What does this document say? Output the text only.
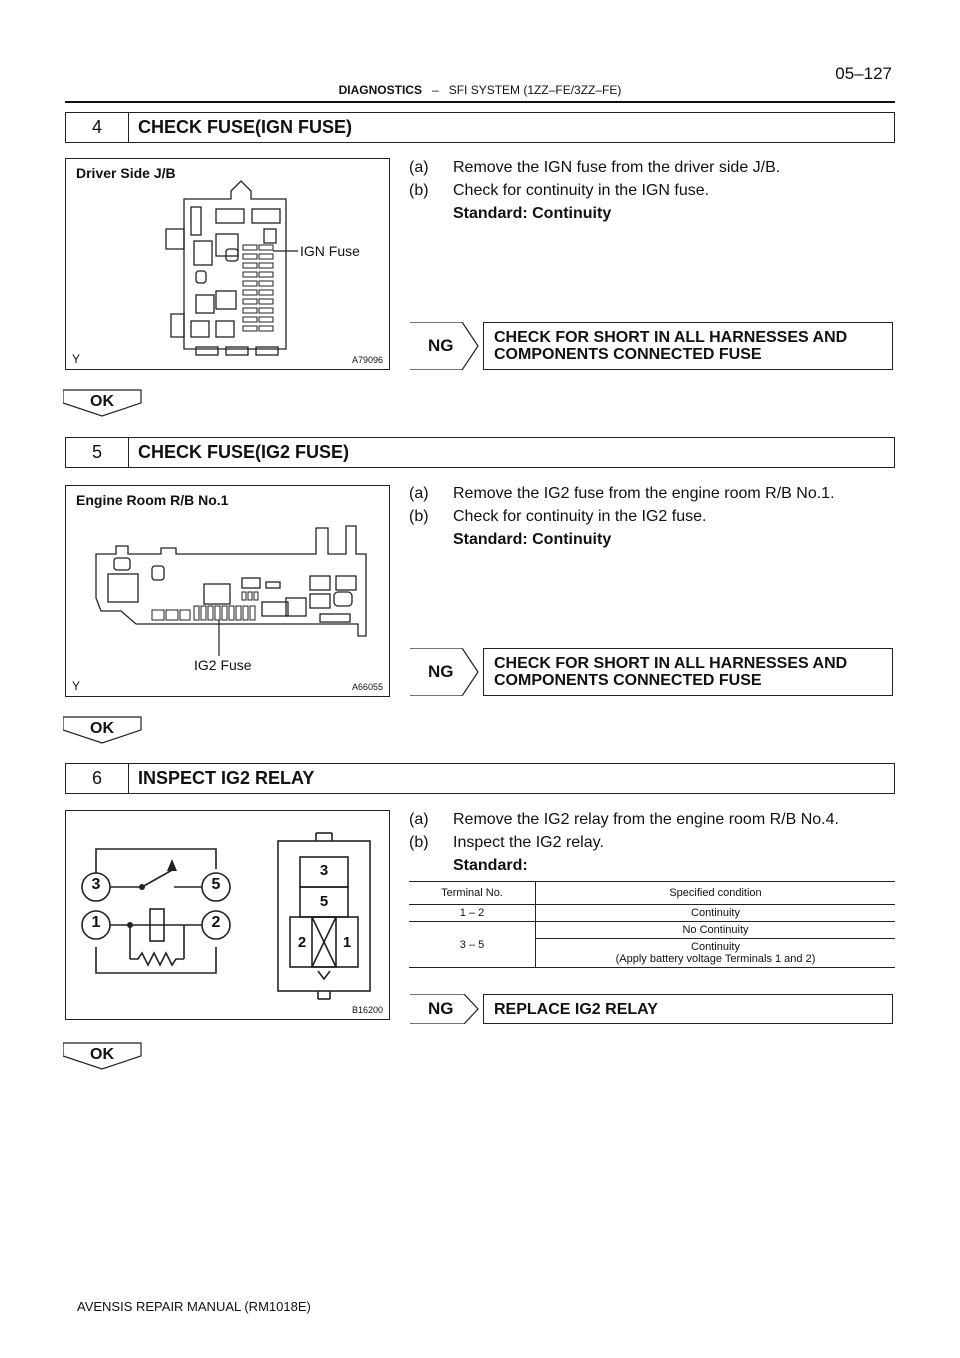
DIAGNOSTICS – SFI SYSTEM (1ZZ–FE/3ZZ–FE)
05–127
4	CHECK FUSE(IGN FUSE)
Driver Side J/B
IGN Fuse
Y	A79096
(a) Remove the IGN fuse from the driver side J/B.
(b) Check for continuity in the IGN fuse.
Standard: Continuity
NG	CHECK FOR SHORT IN ALL HARNESSES AND
COMPONENTS CONNECTED FUSE
OK
5	CHECK FUSE(IG2 FUSE)
Engine Room R/B No.1
IG2 Fuse
Y	A66055
(a) Remove the IG2 fuse from the engine room R/B No.1.
(b) Check for continuity in the IG2 fuse.
Standard: Continuity
NG	CHECK FOR SHORT IN ALL HARNESSES AND
COMPONENTS CONNECTED FUSE
OK
6	INSPECT IG2 RELAY
3	5
1	2
3
5
2 1
B16200
(a) Remove the IG2 relay from the engine room R/B No.4.
(b) Inspect the IG2 relay.
Standard:
Terminal No.	Specified condition
1 – 2	Continuity
3 – 5	No Continuity

	Continuity
(Apply battery voltage Terminals 1 and 2)
NG	REPLACE IG2 RELAY
OK
AVENSIS REPAIR MANUAL (RM1018E)
